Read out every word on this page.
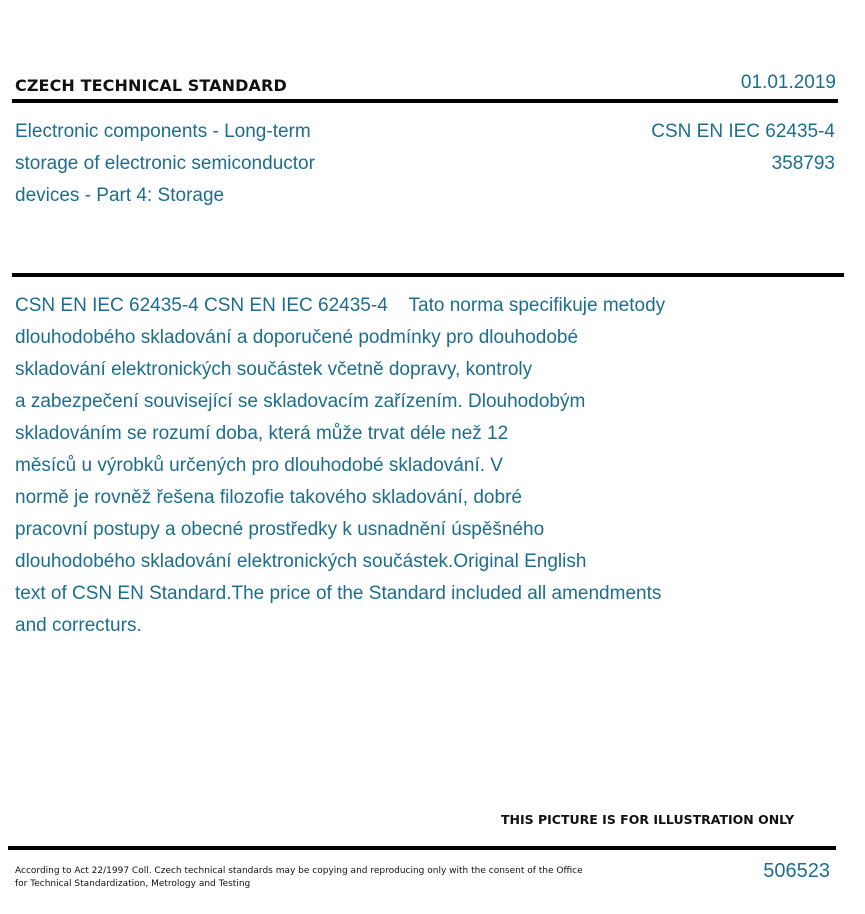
CZECH TECHNICAL STANDARD	01.01.2019
Electronic components - Long-term
storage of electronic semiconductor
devices - Part 4: Storage
CSN EN IEC 62435-4
358793
CSN EN IEC 62435-4 CSN EN IEC 62435-4    Tato norma specifikuje metody
dlouhodobého skladování a doporučené podmínky pro dlouhodobé
skladování elektronických součástek včetně dopravy, kontroly
a zabezpečení související se skladovacím zařízením. Dlouhodobým
skladováním se rozumí doba, která může trvat déle než 12
měsíců u výrobků určených pro dlouhodobé skladování. V
normě je rovněž řešena filozofie takového skladování, dobré
pracovní postupy a obecné prostředky k usnadnění úspěšného
dlouhodobého skladování elektronických součástek.Original English
text of CSN EN Standard.The price of the Standard included all amendments
and correcturs.
THIS PICTURE IS FOR ILLUSTRATION ONLY
According to Act 22/1997 Coll. Czech technical standards may be copying and reproducing only with the consent of the Office
for Technical Standardization, Metrology and Testing
506523
